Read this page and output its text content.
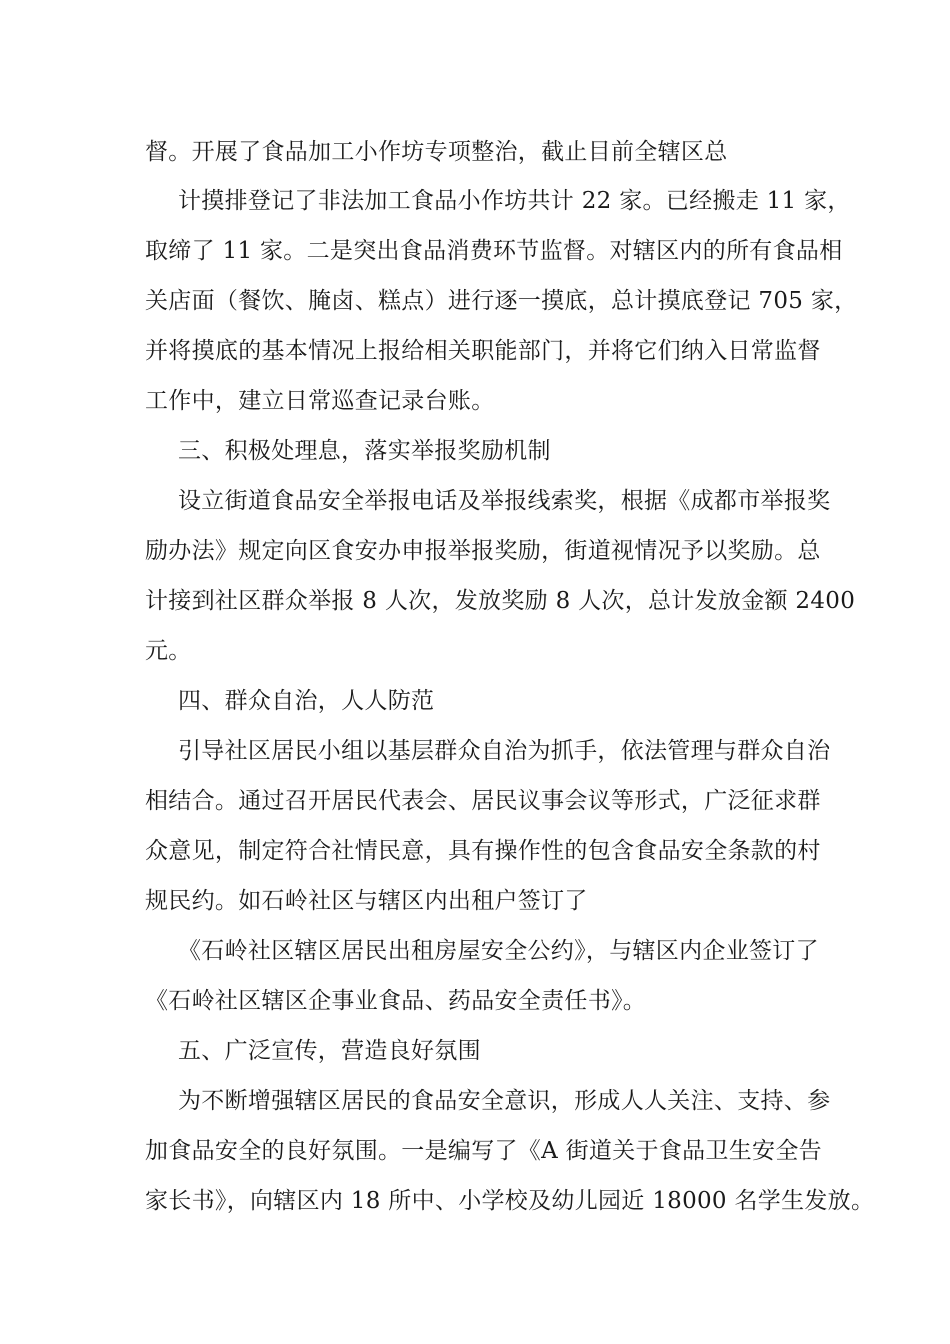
督。开展了食品加工小作坊专项整治，截止目前全辖区总
计摸排登记了非法加工食品小作坊共计 22 家。已经搬走 11 家，
取缔了 11 家。二是突出食品消费环节监督。对辖区内的所有食品相
关店面（餐饮、腌卤、糕点）进行逐一摸底，总计摸底登记 705 家，
并将摸底的基本情况上报给相关职能部门，并将它们纳入日常监督
工作中，建立日常巡查记录台账。
三、积极处理息，落实举报奖励机制
设立街道食品安全举报电话及举报线索奖，根据《成都市举报奖
励办法》规定向区食安办申报举报奖励，街道视情况予以奖励。总
计接到社区群众举报 8 人次，发放奖励 8 人次，总计发放金额 2400
元。
四、群众自治，人人防范
引导社区居民小组以基层群众自治为抓手，依法管理与群众自治
相结合。通过召开居民代表会、居民议事会议等形式，广泛征求群
众意见，制定符合社情民意，具有操作性的包含食品安全条款的村
规民约。如石岭社区与辖区内出租户签订了
《石岭社区辖区居民出租房屋安全公约》，与辖区内企业签订了
《石岭社区辖区企事业食品、药品安全责任书》。
五、广泛宣传，营造良好氛围
为不断增强辖区居民的食品安全意识，形成人人关注、支持、参
加食品安全的良好氛围。一是编写了《A 街道关于食品卫生安全告
家长书》，向辖区内 18 所中、小学校及幼儿园近 18000 名学生发放。
